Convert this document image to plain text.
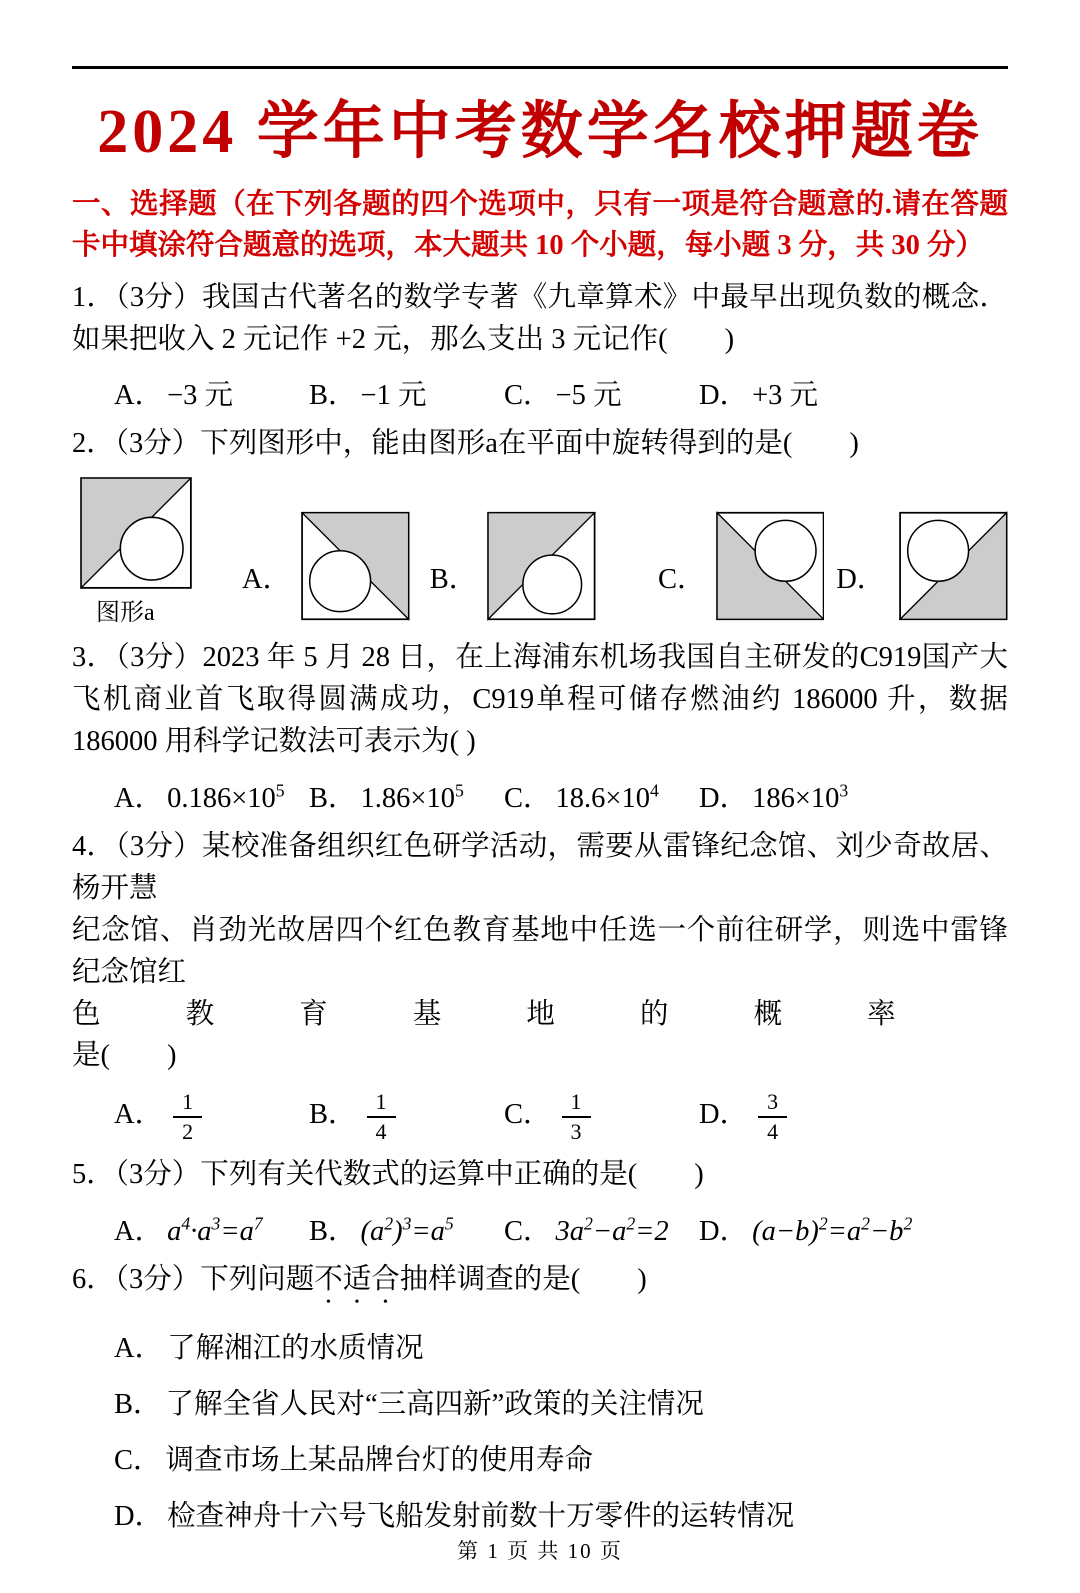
2024 学年中考数学名校押题卷

一、选择题（在下列各题的四个选项中，只有一项是符合题意的.请在答题卡中填涂符合题意的选项，本大题共 10 个小题，每小题 3 分，共 30 分）

1．（3分）我国古代著名的数学专著《九章算术》中最早出现负数的概念．如果把收入 2 元记作 +2 元，那么支出 3 元记作(　　)

A． −3 元	B． −1 元	C． −5 元	D． +3 元

2．（3分）下列图形中，能由图形a在平面中旋转得到的是(　　)

图形a
A．	B．	C．	D．

3．（3分）2023 年 5 月 28 日，在上海浦东机场我国自主研发的C919国产大飞机商业首飞取得圆满成功，C919单程可储存燃油约 186000 升，数据 186000 用科学记数法可表示为( )

A． $0.186\times 10^5$ B． $1.86\times 10^5$	C． $18.6\times 10^4$	D． $186\times 10^3$

4．（3分）某校准备组织红色研学活动，需要从雷锋纪念馆、刘少奇故居、杨开慧

纪念馆、肖劲光故居四个红色教育基地中任选一个前往研学，则选中雷锋纪念馆红

色教育基地的概率

是(　　)

A． $\frac{1}{2}$	B． $\frac{1}{4}$	C． $\frac{1}{3}$	D． $\frac{3}{4}$

5．（3分）下列有关代数式的运算中正确的是(　　)

A． $a^4\cdot a^3=a^7$	B． $(a^2)^3=a^5$	C． $3a^2-a^2=2$	D． $(a-b)^2=a^2-b^2$

6．（3分）下列问题不适合抽样调查的是(　　)

A． 了解湘江的水质情况

B． 了解全省人民对“三高四新”政策的关注情况

C． 调查市场上某品牌台灯的使用寿命

D． 检查神舟十六号飞船发射前数十万零件的运转情况

第 1 页 共 10 页
